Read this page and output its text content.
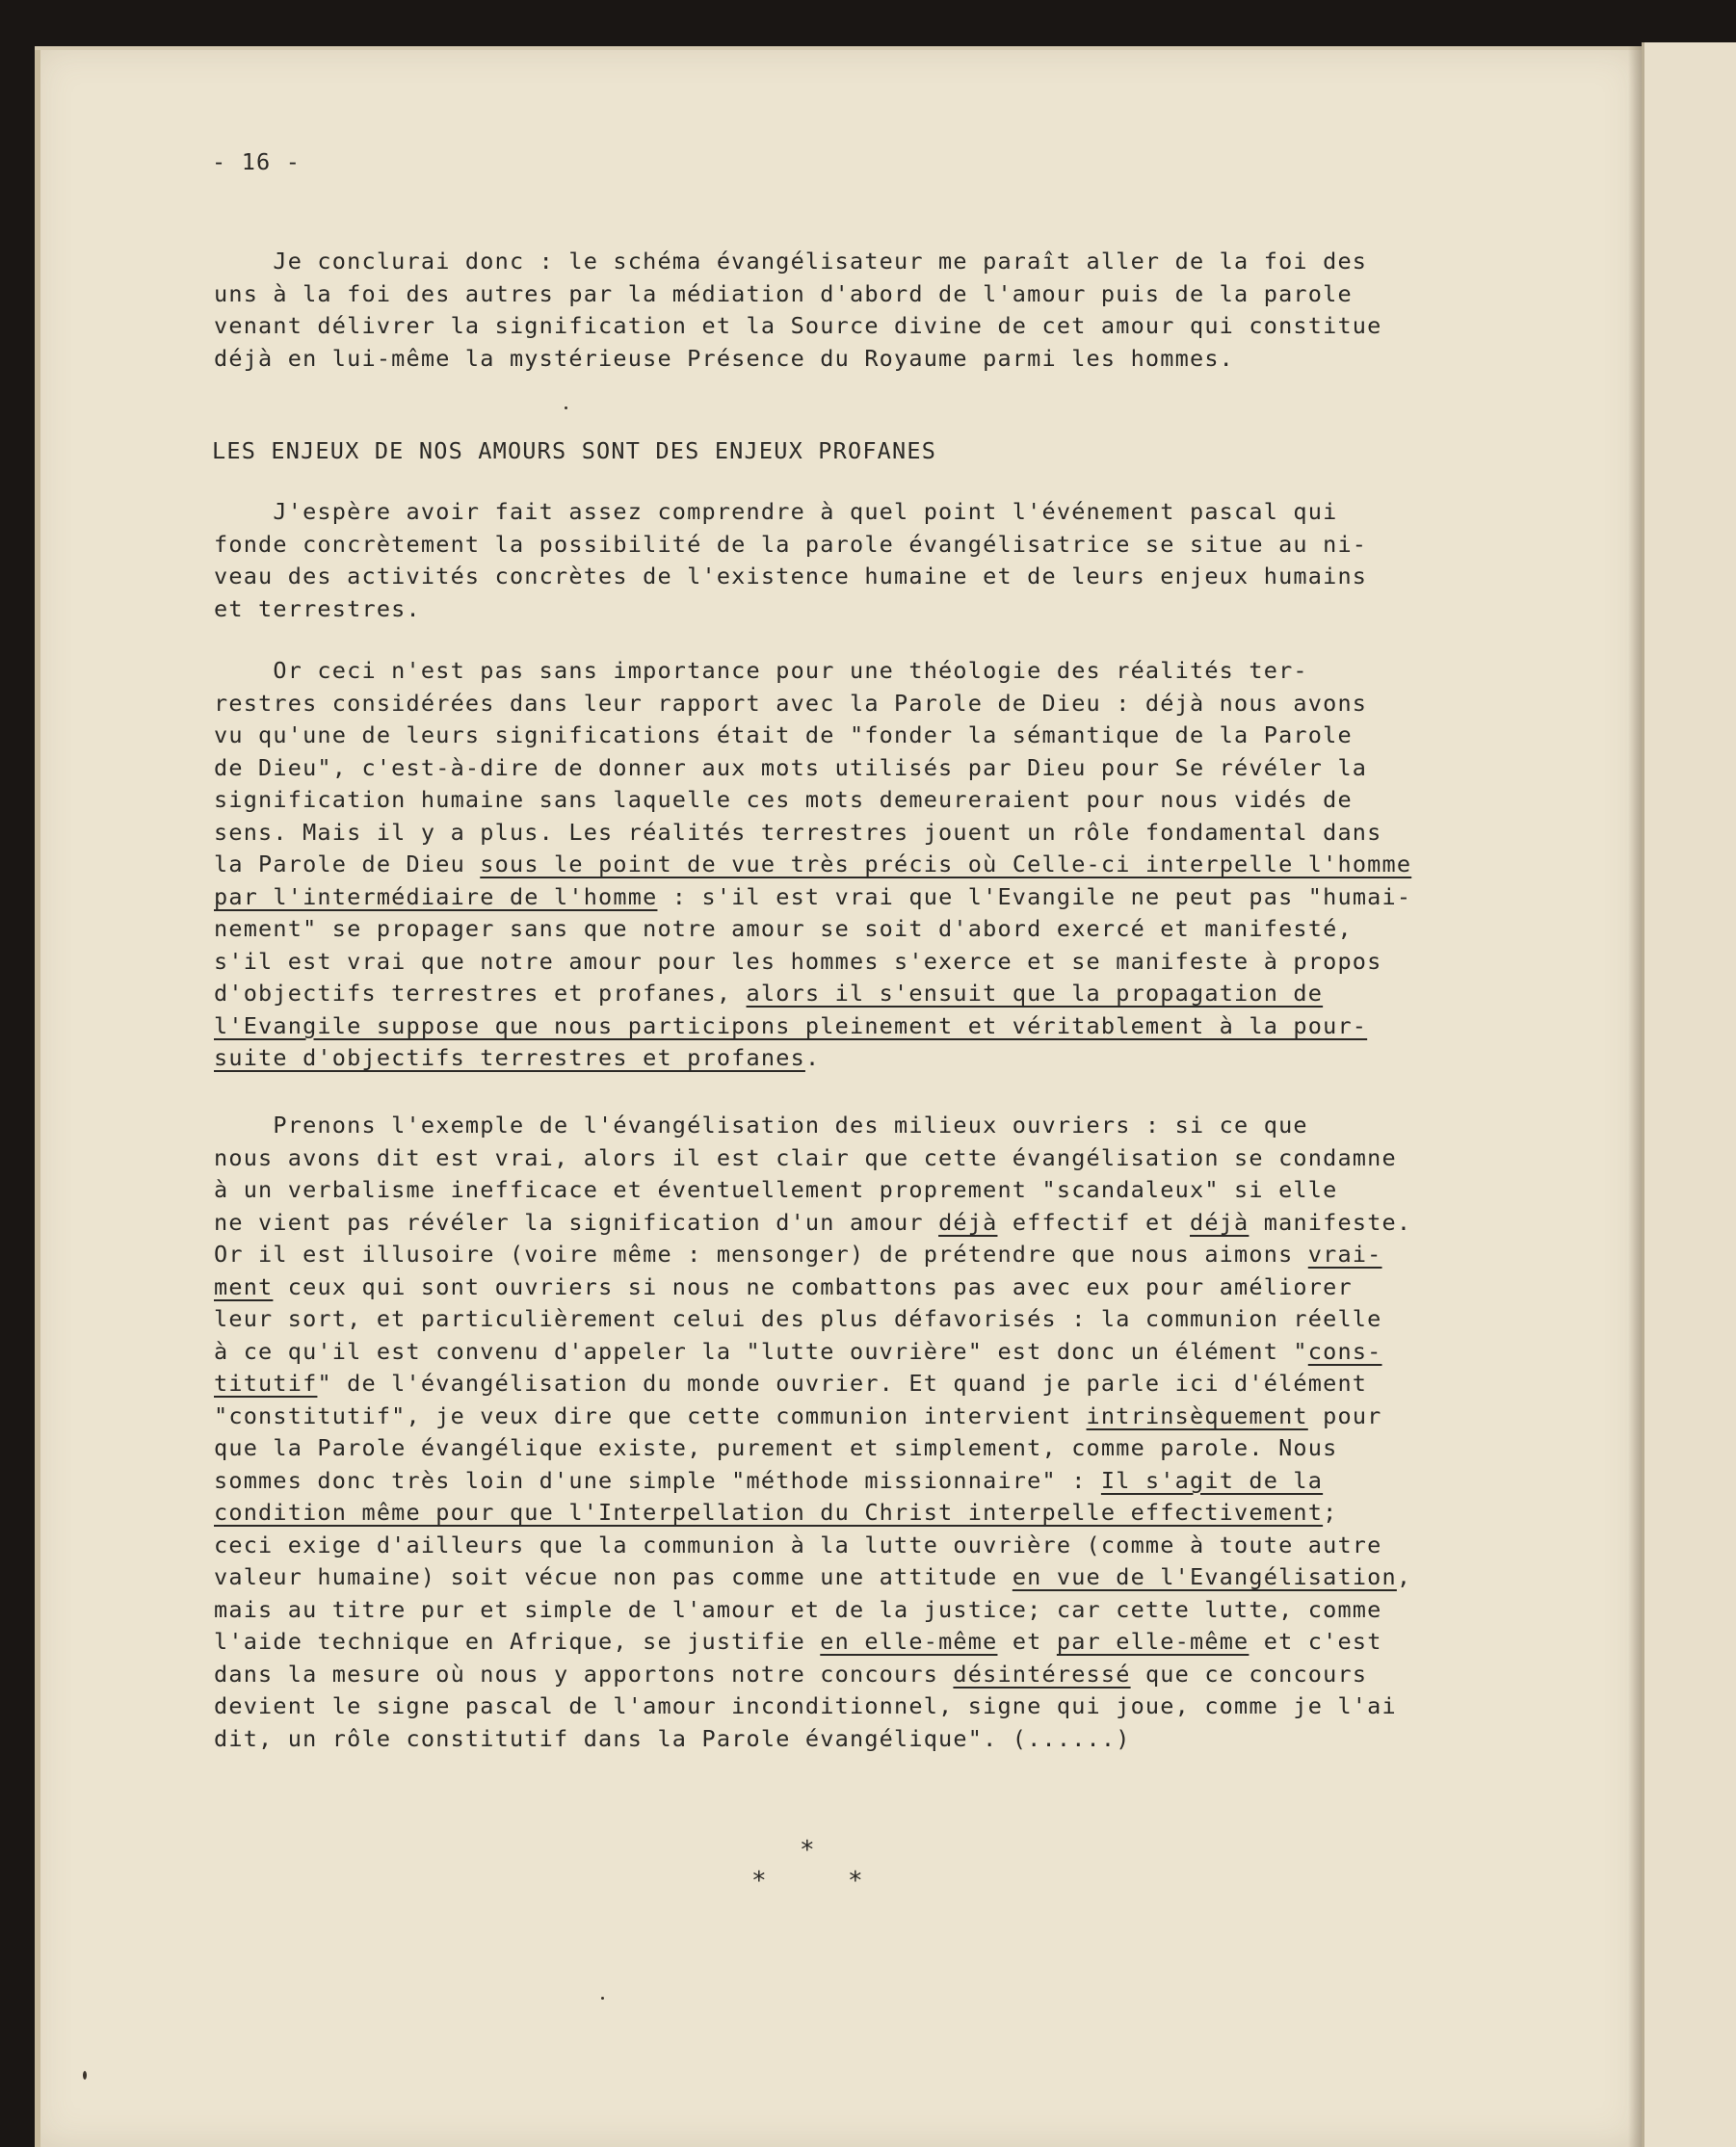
- 16 -

Je conclurai donc : le schéma évangélisateur me paraît aller de la foi des
uns à la foi des autres par la médiation d'abord de l'amour puis de la parole
venant délivrer la signification et la Source divine de cet amour qui constitue
déjà en lui-même la mystérieuse Présence du Royaume parmi les hommes.

LES ENJEUX DE NOS AMOURS SONT DES ENJEUX PROFANES

J'espère avoir fait assez comprendre à quel point l'événement pascal qui
fonde concrètement la possibilité de la parole évangélisatrice se situe au ni-
veau des activités concrètes de l'existence humaine et de leurs enjeux humains
et terrestres.

Or ceci n'est pas sans importance pour une théologie des réalités ter-
restres considérées dans leur rapport avec la Parole de Dieu : déjà nous avons
vu qu'une de leurs significations était de "fonder la sémantique de la Parole
de Dieu", c'est-à-dire de donner aux mots utilisés par Dieu pour Se révéler la
signification humaine sans laquelle ces mots demeureraient pour nous vidés de
sens. Mais il y a plus. Les réalités terrestres jouent un rôle fondamental dans
la Parole de Dieu sous le point de vue très précis où Celle-ci interpelle l'homme
par l'intermédiaire de l'homme : s'il est vrai que l'Evangile ne peut pas "humai-
nement" se propager sans que notre amour se soit d'abord exercé et manifesté,
s'il est vrai que notre amour pour les hommes s'exerce et se manifeste à propos
d'objectifs terrestres et profanes, alors il s'ensuit que la propagation de
l'Evangile suppose que nous participons pleinement et véritablement à la pour-
suite d'objectifs terrestres et profanes.

Prenons l'exemple de l'évangélisation des milieux ouvriers : si ce que
nous avons dit est vrai, alors il est clair que cette évangélisation se condamne
à un verbalisme inefficace et éventuellement proprement "scandaleux" si elle
ne vient pas révéler la signification d'un amour déjà effectif et déjà manifeste.
Or il est illusoire (voire même : mensonger) de prétendre que nous aimons vrai-
ment ceux qui sont ouvriers si nous ne combattons pas avec eux pour améliorer
leur sort, et particulièrement celui des plus défavorisés : la communion réelle
à ce qu'il est convenu d'appeler la "lutte ouvrière" est donc un élément "cons-
titutif" de l'évangélisation du monde ouvrier. Et quand je parle ici d'élément
"constitutif", je veux dire que cette communion intervient intrinsèquement pour
que la Parole évangélique existe, purement et simplement, comme parole. Nous
sommes donc très loin d'une simple "méthode missionnaire" : Il s'agit de la
condition même pour que l'Interpellation du Christ interpelle effectivement;
ceci exige d'ailleurs que la communion à la lutte ouvrière (comme à toute autre
valeur humaine) soit vécue non pas comme une attitude en vue de l'Evangélisation,
mais au titre pur et simple de l'amour et de la justice; car cette lutte, comme
l'aide technique en Afrique, se justifie en elle-même et par elle-même et c'est
dans la mesure où nous y apportons notre concours désintéressé que ce concours
devient le signe pascal de l'amour inconditionnel, signe qui joue, comme je l'ai
dit, un rôle constitutif dans la Parole évangélique". (......)

*
*	*
